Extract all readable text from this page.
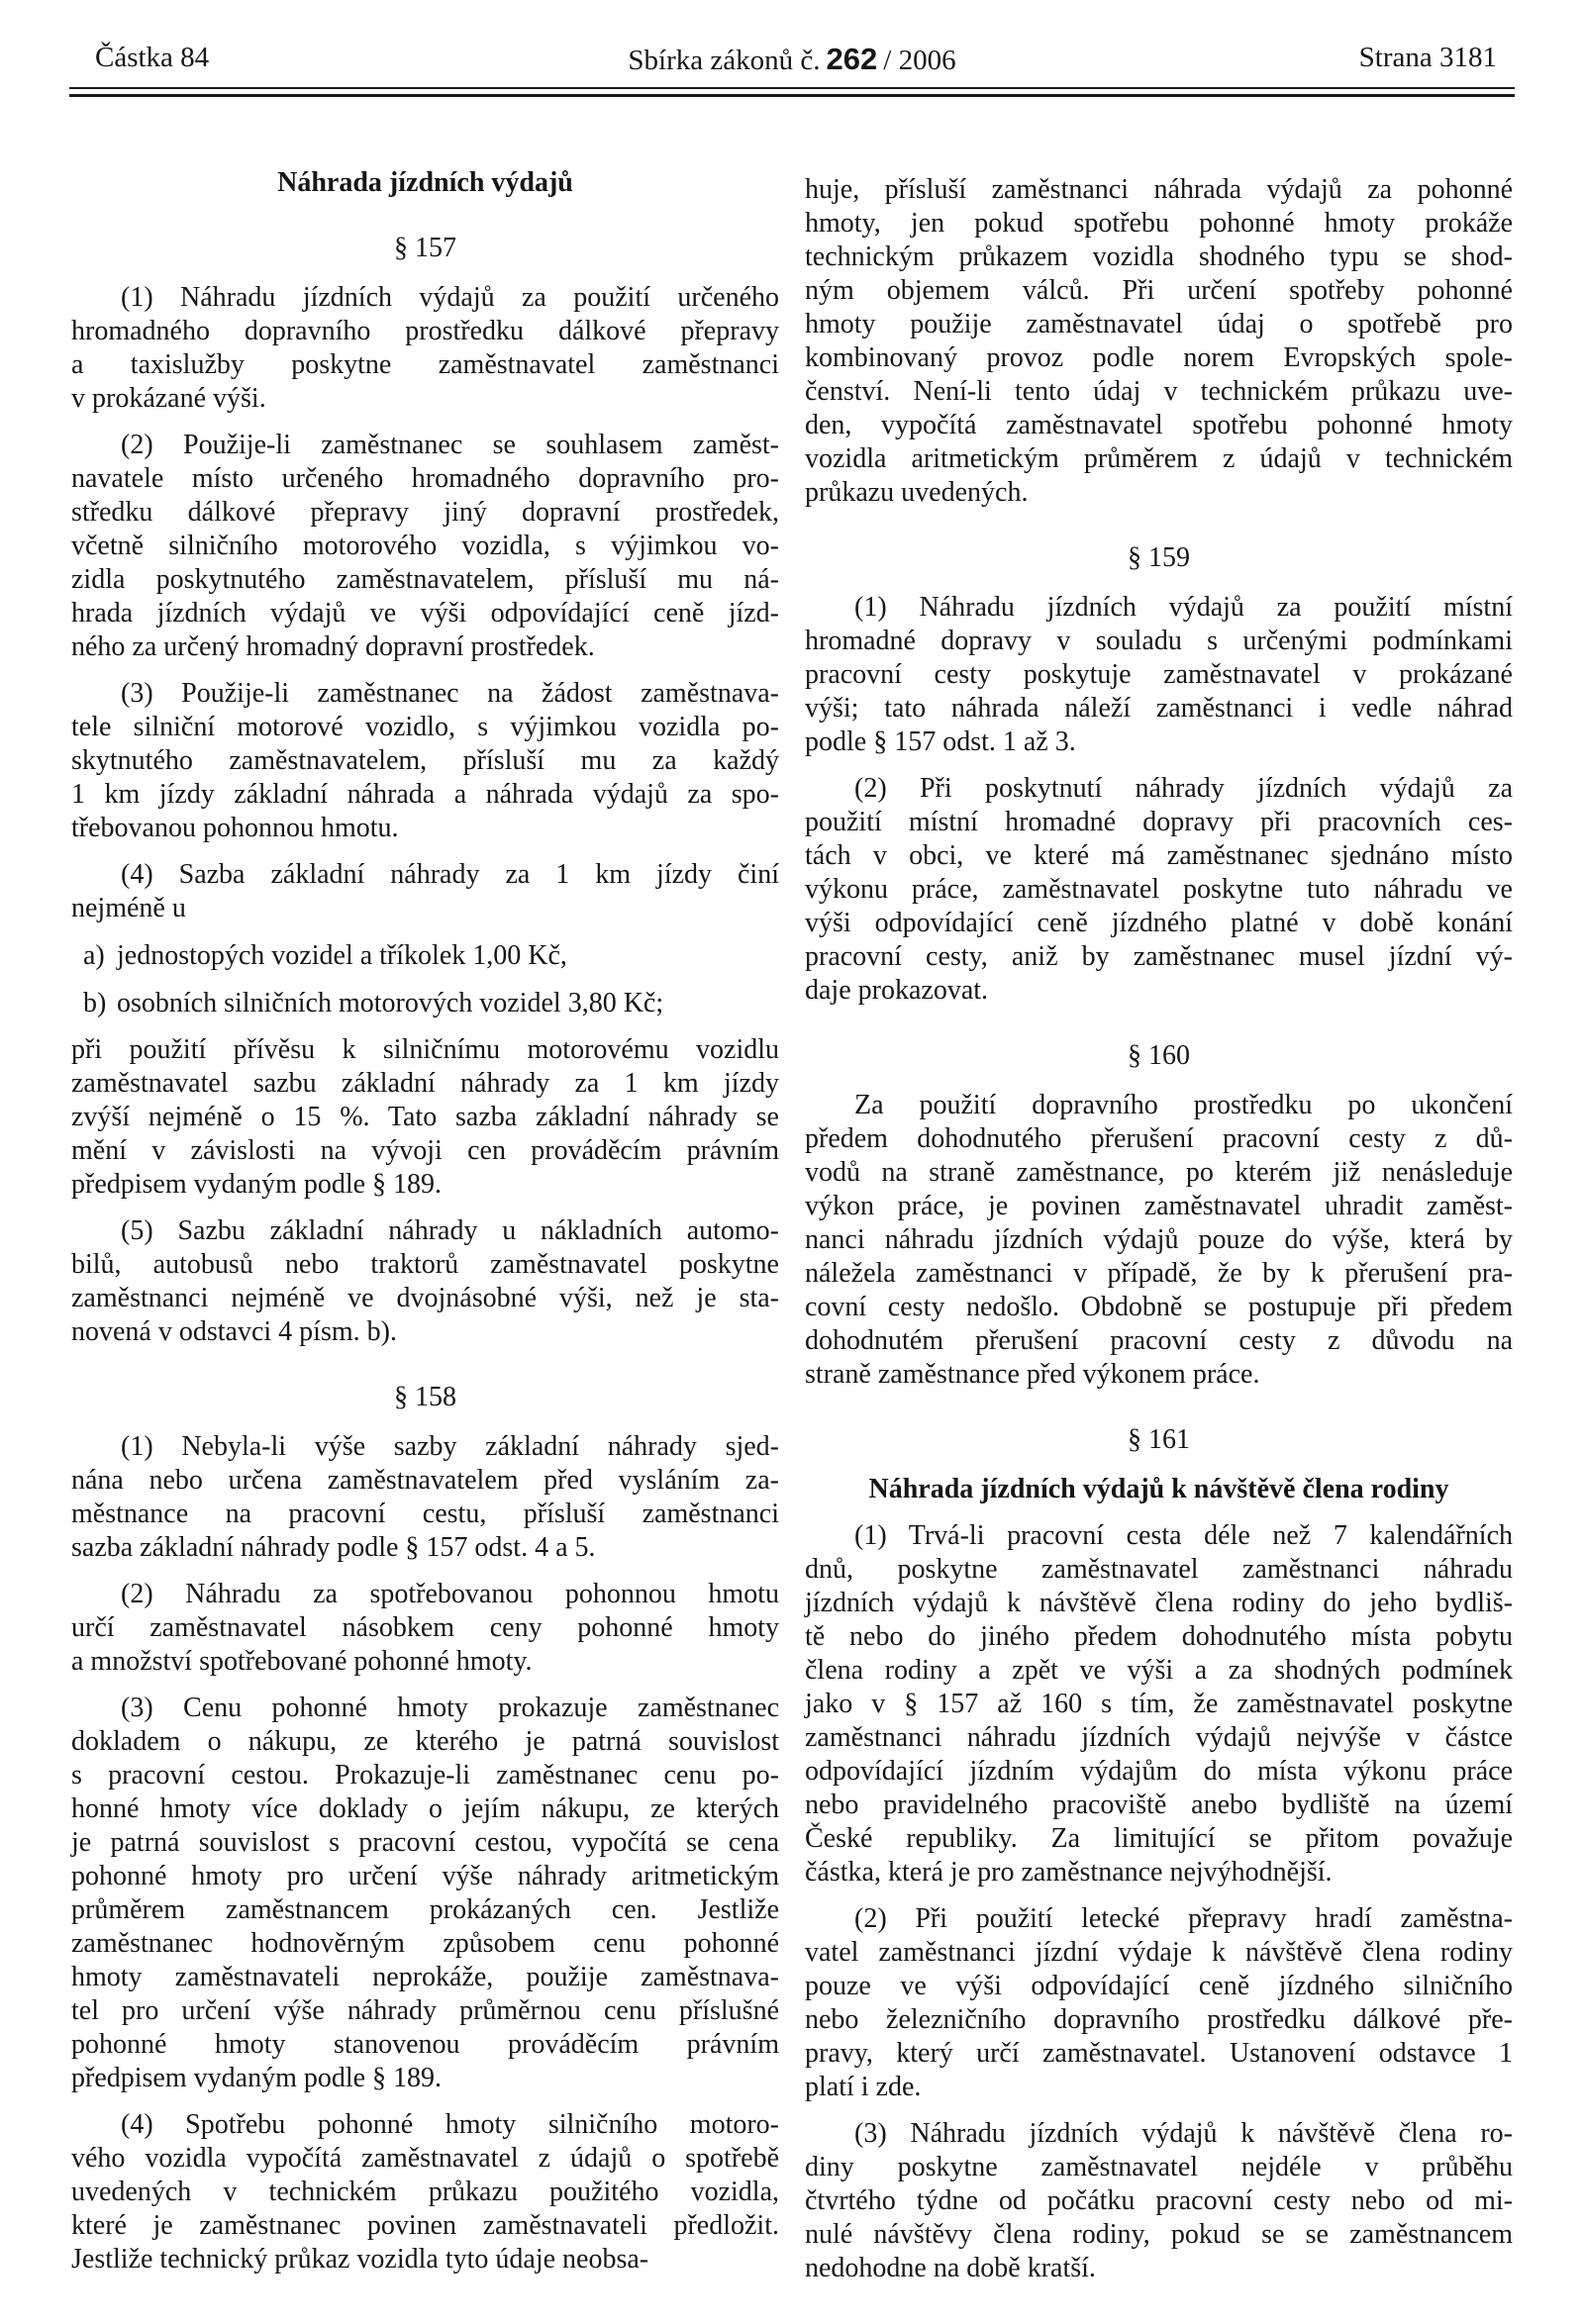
Částka 84	Sbírka zákonů č. 262 / 2006	Strana 3181
Náhrada jízdních výdajů
§ 157
(1) Náhradu jízdních výdajů za použití určeného
hromadného dopravního prostředku dálkové přepravy
a taxislužby poskytne zaměstnavatel zaměstnanci
v prokázané výši.
(2) Použije-li zaměstnanec se souhlasem zaměst-
navatele místo určeného hromadného dopravního pro-
středku dálkové přepravy jiný dopravní prostředek,
včetně silničního motorového vozidla, s výjimkou vo-
zidla poskytnutého zaměstnavatelem, přísluší mu ná-
hrada jízdních výdajů ve výši odpovídající ceně jízd-
ného za určený hromadný dopravní prostředek.
(3) Použije-li zaměstnanec na žádost zaměstnava-
tele silniční motorové vozidlo, s výjimkou vozidla po-
skytnutého zaměstnavatelem, přísluší mu za každý
1 km jízdy základní náhrada a náhrada výdajů za spo-
třebovanou pohonnou hmotu.
(4) Sazba základní náhrady za 1 km jízdy činí
nejméně u
a) jednostopých vozidel a tříkolek 1,00 Kč,
b) osobních silničních motorových vozidel 3,80 Kč;
při použití přívěsu k silničnímu motorovému vozidlu
zaměstnavatel sazbu základní náhrady za 1 km jízdy
zvýší nejméně o 15 %. Tato sazba základní náhrady se
mění v závislosti na vývoji cen prováděcím právním
předpisem vydaným podle § 189.
(5) Sazbu základní náhrady u nákladních automo-
bilů, autobusů nebo traktorů zaměstnavatel poskytne
zaměstnanci nejméně ve dvojnásobné výši, než je sta-
novená v odstavci 4 písm. b).
§ 158
(1) Nebyla-li výše sazby základní náhrady sjed-
nána nebo určena zaměstnavatelem před vysláním za-
městnance na pracovní cestu, přísluší zaměstnanci
sazba základní náhrady podle § 157 odst. 4 a 5.
(2) Náhradu za spotřebovanou pohonnou hmotu
určí zaměstnavatel násobkem ceny pohonné hmoty
a množství spotřebované pohonné hmoty.
(3) Cenu pohonné hmoty prokazuje zaměstnanec
dokladem o nákupu, ze kterého je patrná souvislost
s pracovní cestou. Prokazuje-li zaměstnanec cenu po-
honné hmoty více doklady o jejím nákupu, ze kterých
je patrná souvislost s pracovní cestou, vypočítá se cena
pohonné hmoty pro určení výše náhrady aritmetickým
průměrem zaměstnancem prokázaných cen. Jestliže
zaměstnanec hodnověrným způsobem cenu pohonné
hmoty zaměstnavateli neprokáže, použije zaměstnava-
tel pro určení výše náhrady průměrnou cenu příslušné
pohonné hmoty stanovenou prováděcím právním
předpisem vydaným podle § 189.
(4) Spotřebu pohonné hmoty silničního motoro-
vého vozidla vypočítá zaměstnavatel z údajů o spotřebě
uvedených v technickém průkazu použitého vozidla,
které je zaměstnanec povinen zaměstnavateli předložit.
Jestliže technický průkaz vozidla tyto údaje neobsa-
huje, přísluší zaměstnanci náhrada výdajů za pohonné
hmoty, jen pokud spotřebu pohonné hmoty prokáže
technickým průkazem vozidla shodného typu se shod-
ným objemem válců. Při určení spotřeby pohonné
hmoty použije zaměstnavatel údaj o spotřebě pro
kombinovaný provoz podle norem Evropských spole-
čenství. Není-li tento údaj v technickém průkazu uve-
den, vypočítá zaměstnavatel spotřebu pohonné hmoty
vozidla aritmetickým průměrem z údajů v technickém
průkazu uvedených.
§ 159
(1) Náhradu jízdních výdajů za použití místní
hromadné dopravy v souladu s určenými podmínkami
pracovní cesty poskytuje zaměstnavatel v prokázané
výši; tato náhrada náleží zaměstnanci i vedle náhrad
podle § 157 odst. 1 až 3.
(2) Při poskytnutí náhrady jízdních výdajů za
použití místní hromadné dopravy při pracovních ces-
tách v obci, ve které má zaměstnanec sjednáno místo
výkonu práce, zaměstnavatel poskytne tuto náhradu ve
výši odpovídající ceně jízdného platné v době konání
pracovní cesty, aniž by zaměstnanec musel jízdní vý-
daje prokazovat.
§ 160
Za použití dopravního prostředku po ukončení
předem dohodnutého přerušení pracovní cesty z dů-
vodů na straně zaměstnance, po kterém již nenásleduje
výkon práce, je povinen zaměstnavatel uhradit zaměst-
nanci náhradu jízdních výdajů pouze do výše, která by
náležela zaměstnanci v případě, že by k přerušení pra-
covní cesty nedošlo. Obdobně se postupuje při předem
dohodnutém přerušení pracovní cesty z důvodu na
straně zaměstnance před výkonem práce.
§ 161
Náhrada jízdních výdajů k návštěvě člena rodiny
(1) Trvá-li pracovní cesta déle než 7 kalendářních
dnů, poskytne zaměstnavatel zaměstnanci náhradu
jízdních výdajů k návštěvě člena rodiny do jeho bydliš-
tě nebo do jiného předem dohodnutého místa pobytu
člena rodiny a zpět ve výši a za shodných podmínek
jako v § 157 až 160 s tím, že zaměstnavatel poskytne
zaměstnanci náhradu jízdních výdajů nejvýše v částce
odpovídající jízdním výdajům do místa výkonu práce
nebo pravidelného pracoviště anebo bydliště na území
České republiky. Za limitující se přitom považuje
částka, která je pro zaměstnance nejvýhodnější.
(2) Při použití letecké přepravy hradí zaměstna-
vatel zaměstnanci jízdní výdaje k návštěvě člena rodiny
pouze ve výši odpovídající ceně jízdného silničního
nebo železničního dopravního prostředku dálkové pře-
pravy, který určí zaměstnavatel. Ustanovení odstavce 1
platí i zde.
(3) Náhradu jízdních výdajů k návštěvě člena ro-
diny poskytne zaměstnavatel nejdéle v průběhu
čtvrtého týdne od počátku pracovní cesty nebo od mi-
nulé návštěvy člena rodiny, pokud se se zaměstnancem
nedohodne na době kratší.
